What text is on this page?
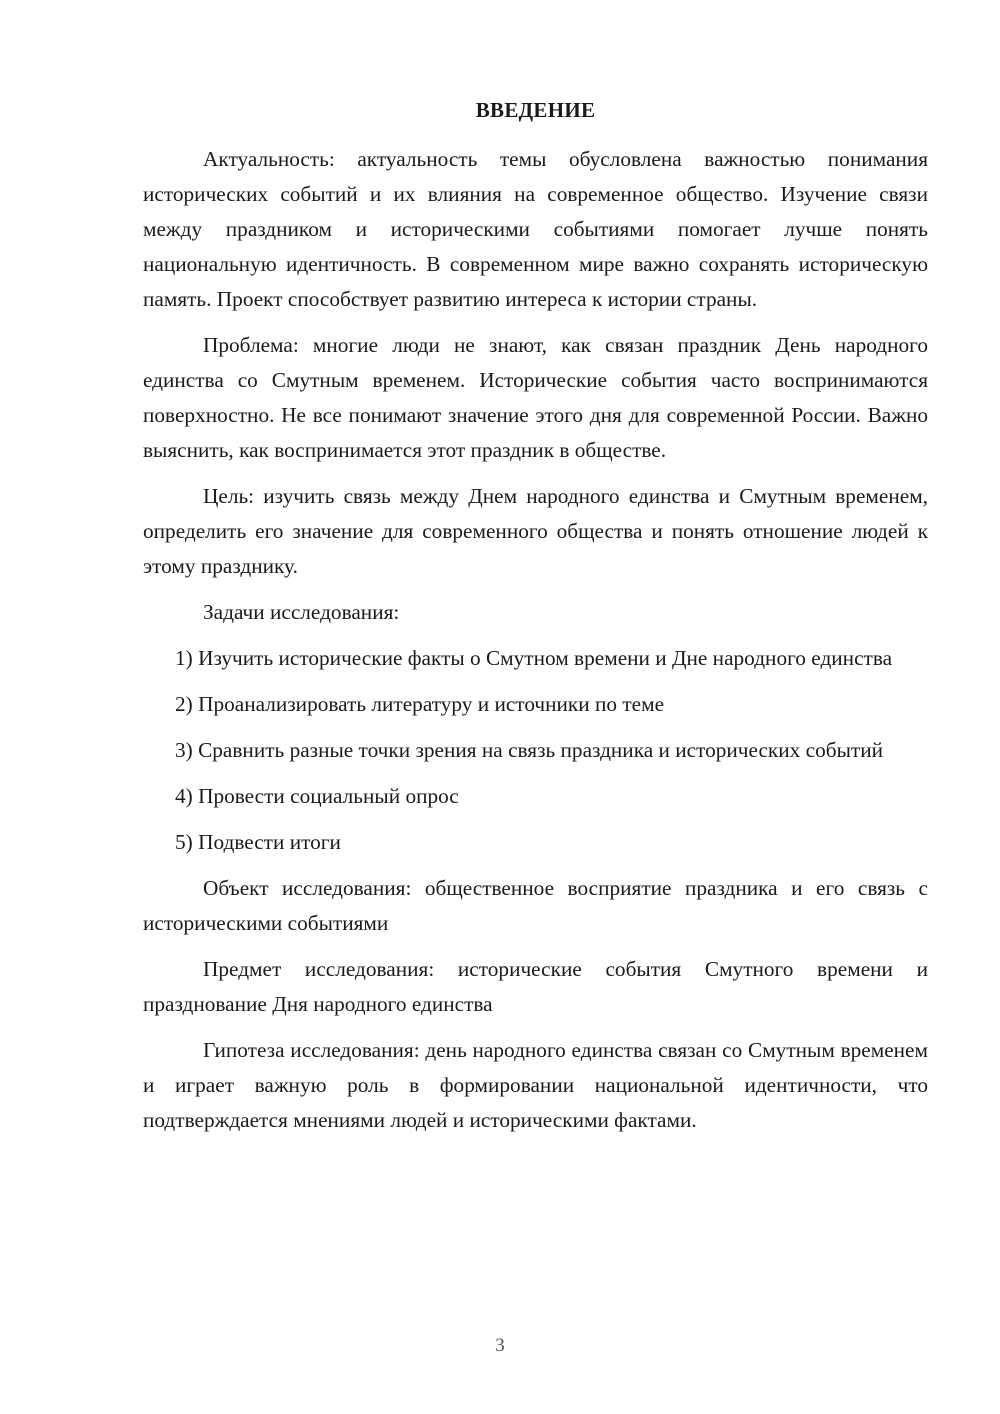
ВВЕДЕНИЕ

Актуальность: актуальность темы обусловлена важностью понимания исторических событий и их влияния на современное общество. Изучение связи между праздником и историческими событиями помогает лучше понять национальную идентичность. В современном мире важно сохранять историческую память. Проект способствует развитию интереса к истории страны.

Проблема: многие люди не знают, как связан праздник День народного единства со Смутным временем. Исторические события часто воспринимаются поверхностно. Не все понимают значение этого дня для современной России. Важно выяснить, как воспринимается этот праздник в обществе.

Цель: изучить связь между Днем народного единства и Смутным временем, определить его значение для современного общества и понять отношение людей к этому празднику.

Задачи исследования:

1) Изучить исторические факты о Смутном времени и Дне народного единства

2) Проанализировать литературу и источники по теме

3) Сравнить разные точки зрения на связь праздника и исторических событий

4) Провести социальный опрос

5) Подвести итоги

Объект исследования: общественное восприятие праздника и его связь с историческими событиями

Предмет исследования: исторические события Смутного времени и празднование Дня народного единства

Гипотеза исследования: день народного единства связан со Смутным временем и играет важную роль в формировании национальной идентичности, что подтверждается мнениями людей и историческими фактами.

3
